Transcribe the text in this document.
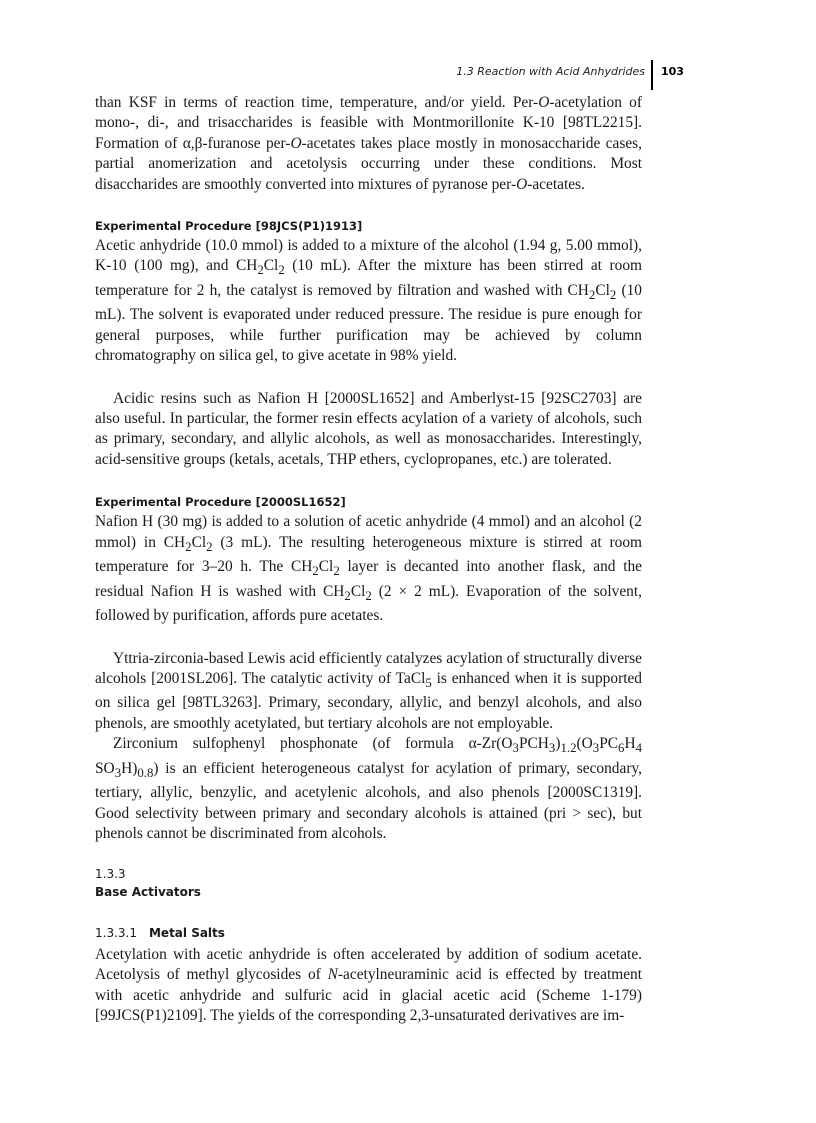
1.3 Reaction with Acid Anhydrides 103

than KSF in terms of reaction time, temperature, and/or yield. Per-O-acetylation of mono-, di-, and trisaccharides is feasible with Montmorillonite K-10 [98TL2215]. Formation of α,β-furanose per-O-acetates takes place mostly in monosaccharide cases, partial anomerization and acetolysis occurring under these conditions. Most disaccharides are smoothly converted into mixtures of pyranose per-O-acetates.

Experimental Procedure [98JCS(P1)1913]

Acetic anhydride (10.0 mmol) is added to a mixture of the alcohol (1.94 g, 5.00 mmol), K-10 (100 mg), and $CH_2Cl_2$ (10 mL). After the mixture has been stirred at room temperature for 2 h, the catalyst is removed by filtration and washed with $CH_2Cl_2$ (10 mL). The solvent is evaporated under reduced pressure. The residue is pure enough for general purposes, while further purification may be achieved by column chromatography on silica gel, to give acetate in 98% yield.

Acidic resins such as Nafion H [2000SL1652] and Amberlyst-15 [92SC2703] are also useful. In particular, the former resin effects acylation of a variety of alcohols, such as primary, secondary, and allylic alcohols, as well as monosaccharides. Interestingly, acid-sensitive groups (ketals, acetals, THP ethers, cyclopropanes, etc.) are tolerated.

Experimental Procedure [2000SL1652]

Nafion H (30 mg) is added to a solution of acetic anhydride (4 mmol) and an alcohol (2 mmol) in $CH_2Cl_2$ (3 mL). The resulting heterogeneous mixture is stirred at room temperature for 3–20 h. The $CH_2Cl_2$ layer is decanted into another flask, and the residual Nafion H is washed with $CH_2Cl_2$ (2 × 2 mL). Evaporation of the solvent, followed by purification, affords pure acetates.

Yttria-zirconia-based Lewis acid efficiently catalyzes acylation of structurally diverse alcohols [2001SL206]. The catalytic activity of TaCl$_5$ is enhanced when it is supported on silica gel [98TL3263]. Primary, secondary, allylic, and benzyl alcohols, and also phenols, are smoothly acetylated, but tertiary alcohols are not employable.

Zirconium sulfophenyl phosphonate (of formula $\alpha-Zr(O_3PCH_3)_{1.2}(O_3PC_6H_4$ $SO_3H)_{0.8}$) is an efficient heterogeneous catalyst for acylation of primary, secondary, tertiary, allylic, benzylic, and acetylenic alcohols, and also phenols [2000SC1319]. Good selectivity between primary and secondary alcohols is attained (pri > sec), but phenols cannot be discriminated from alcohols.

1.3.3
Base Activators
1.3.3.1 Metal Salts

Acetylation with acetic anhydride is often accelerated by addition of sodium acetate. Acetolysis of methyl glycosides of N-acetylneuraminic acid is effected by treatment with acetic anhydride and sulfuric acid in glacial acetic acid (Scheme 1-179) [99JCS(P1)2109]. The yields of the corresponding 2,3-unsaturated derivatives are im-
